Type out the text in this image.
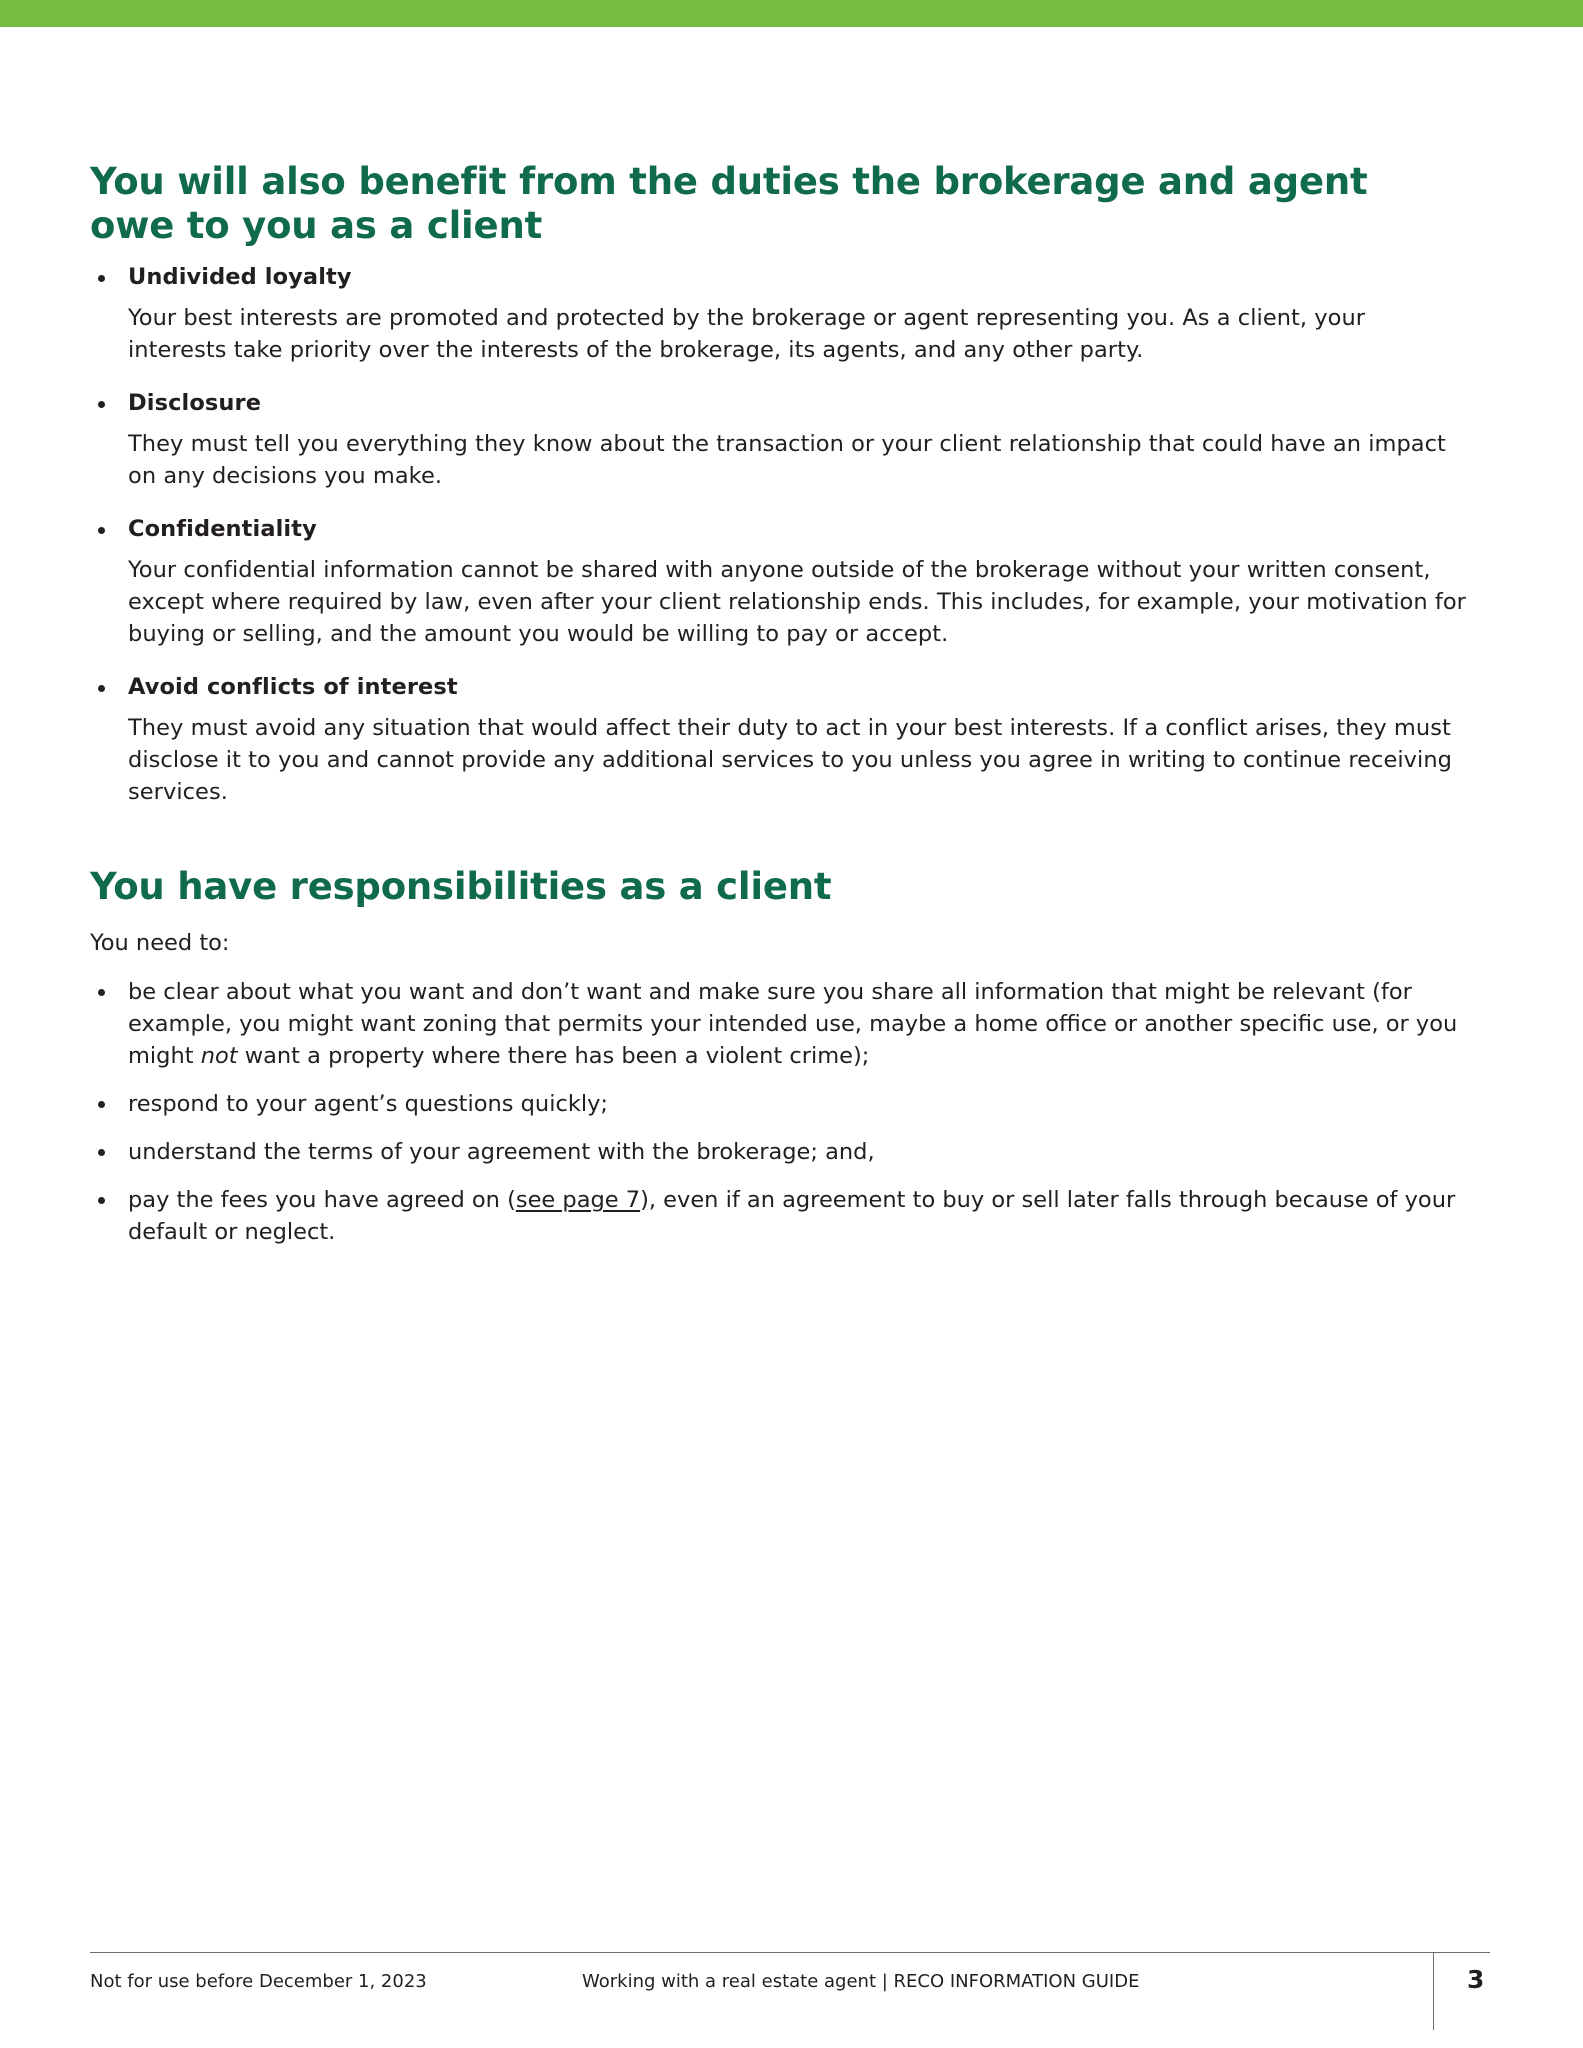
You will also benefit from the duties the brokerage and agent owe to you as a client

Undivided loyalty

Your best interests are promoted and protected by the brokerage or agent representing you. As a client, your interests take priority over the interests of the brokerage, its agents, and any other party.

Disclosure

They must tell you everything they know about the transaction or your client relationship that could have an impact on any decisions you make.

Confidentiality

Your confidential information cannot be shared with anyone outside of the brokerage without your written consent, except where required by law, even after your client relationship ends. This includes, for example, your motivation for buying or selling, and the amount you would be willing to pay or accept.

Avoid conflicts of interest

They must avoid any situation that would affect their duty to act in your best interests. If a conflict arises, they must disclose it to you and cannot provide any additional services to you unless you agree in writing to continue receiving services.

You have responsibilities as a client

You need to:

be clear about what you want and don’t want and make sure you share all information that might be relevant (for example, you might want zoning that permits your intended use, maybe a home office or another specific use, or you might not want a property where there has been a violent crime);
respond to your agent’s questions quickly;
understand the terms of your agreement with the brokerage; and,
pay the fees you have agreed on (see page 7), even if an agreement to buy or sell later falls through because of your default or neglect.
Not for use before December 1, 2023	Working with a real estate agent | RECO INFORMATION GUIDE	3
